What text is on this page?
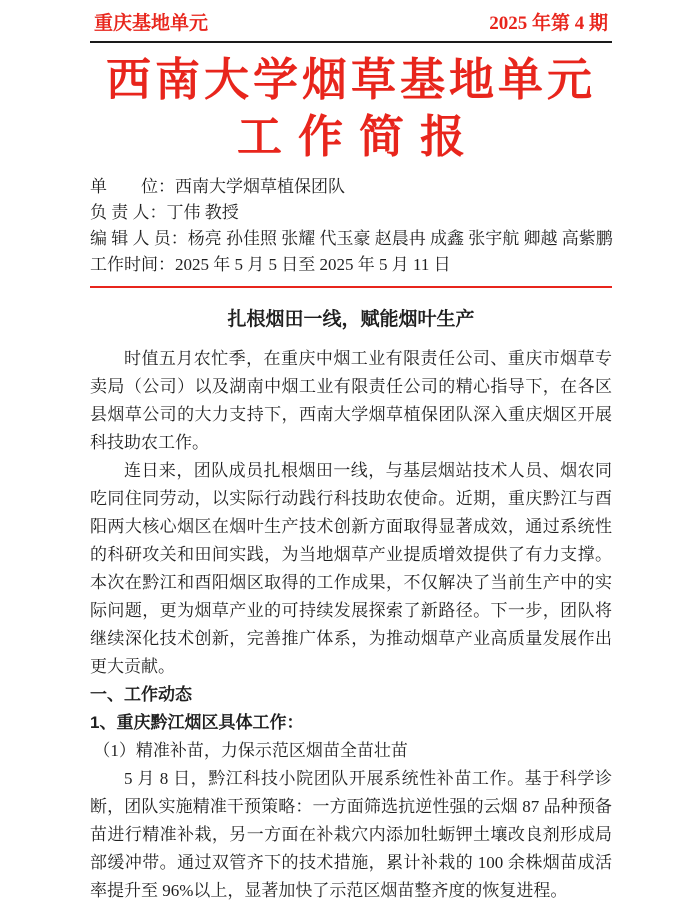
重庆基地单元	2025 年第 4 期
西南大学烟草基地单元
工作简报
单　　位：西南大学烟草植保团队
负 责 人：丁伟 教授
编 辑 人 员：杨亮 孙佳照 张耀 代玉豪 赵晨冉 成鑫 张宇航 卿越 高紫鹏
工作时间：2025 年 5 月 5 日至 2025 年 5 月 11 日
扎根烟田一线，赋能烟叶生产

时值五月农忙季，在重庆中烟工业有限责任公司、重庆市烟草专卖局（公司）以及湖南中烟工业有限责任公司的精心指导下，在各区县烟草公司的大力支持下，西南大学烟草植保团队深入重庆烟区开展科技助农工作。

连日来，团队成员扎根烟田一线，与基层烟站技术人员、烟农同吃同住同劳动，以实际行动践行科技助农使命。近期，重庆黔江与酉阳两大核心烟区在烟叶生产技术创新方面取得显著成效，通过系统性的科研攻关和田间实践，为当地烟草产业提质增效提供了有力支撑。本次在黔江和酉阳烟区取得的工作成果，不仅解决了当前生产中的实际问题，更为烟草产业的可持续发展探索了新路径。下一步，团队将继续深化技术创新，完善推广体系，为推动烟草产业高质量发展作出更大贡献。

一、工作动态

1、重庆黔江烟区具体工作：

（1）精准补苗，力保示范区烟苗全苗壮苗

5 月 8 日，黔江科技小院团队开展系统性补苗工作。基于科学诊断，团队实施精准干预策略：一方面筛选抗逆性强的云烟 87 品种预备苗进行精准补栽，另一方面在补栽穴内添加牡蛎钾土壤改良剂形成局部缓冲带。通过双管齐下的技术措施，累计补栽的 100 余株烟苗成活率提升至 96%以上，显著加快了示范区烟苗整齐度的恢复进程。
